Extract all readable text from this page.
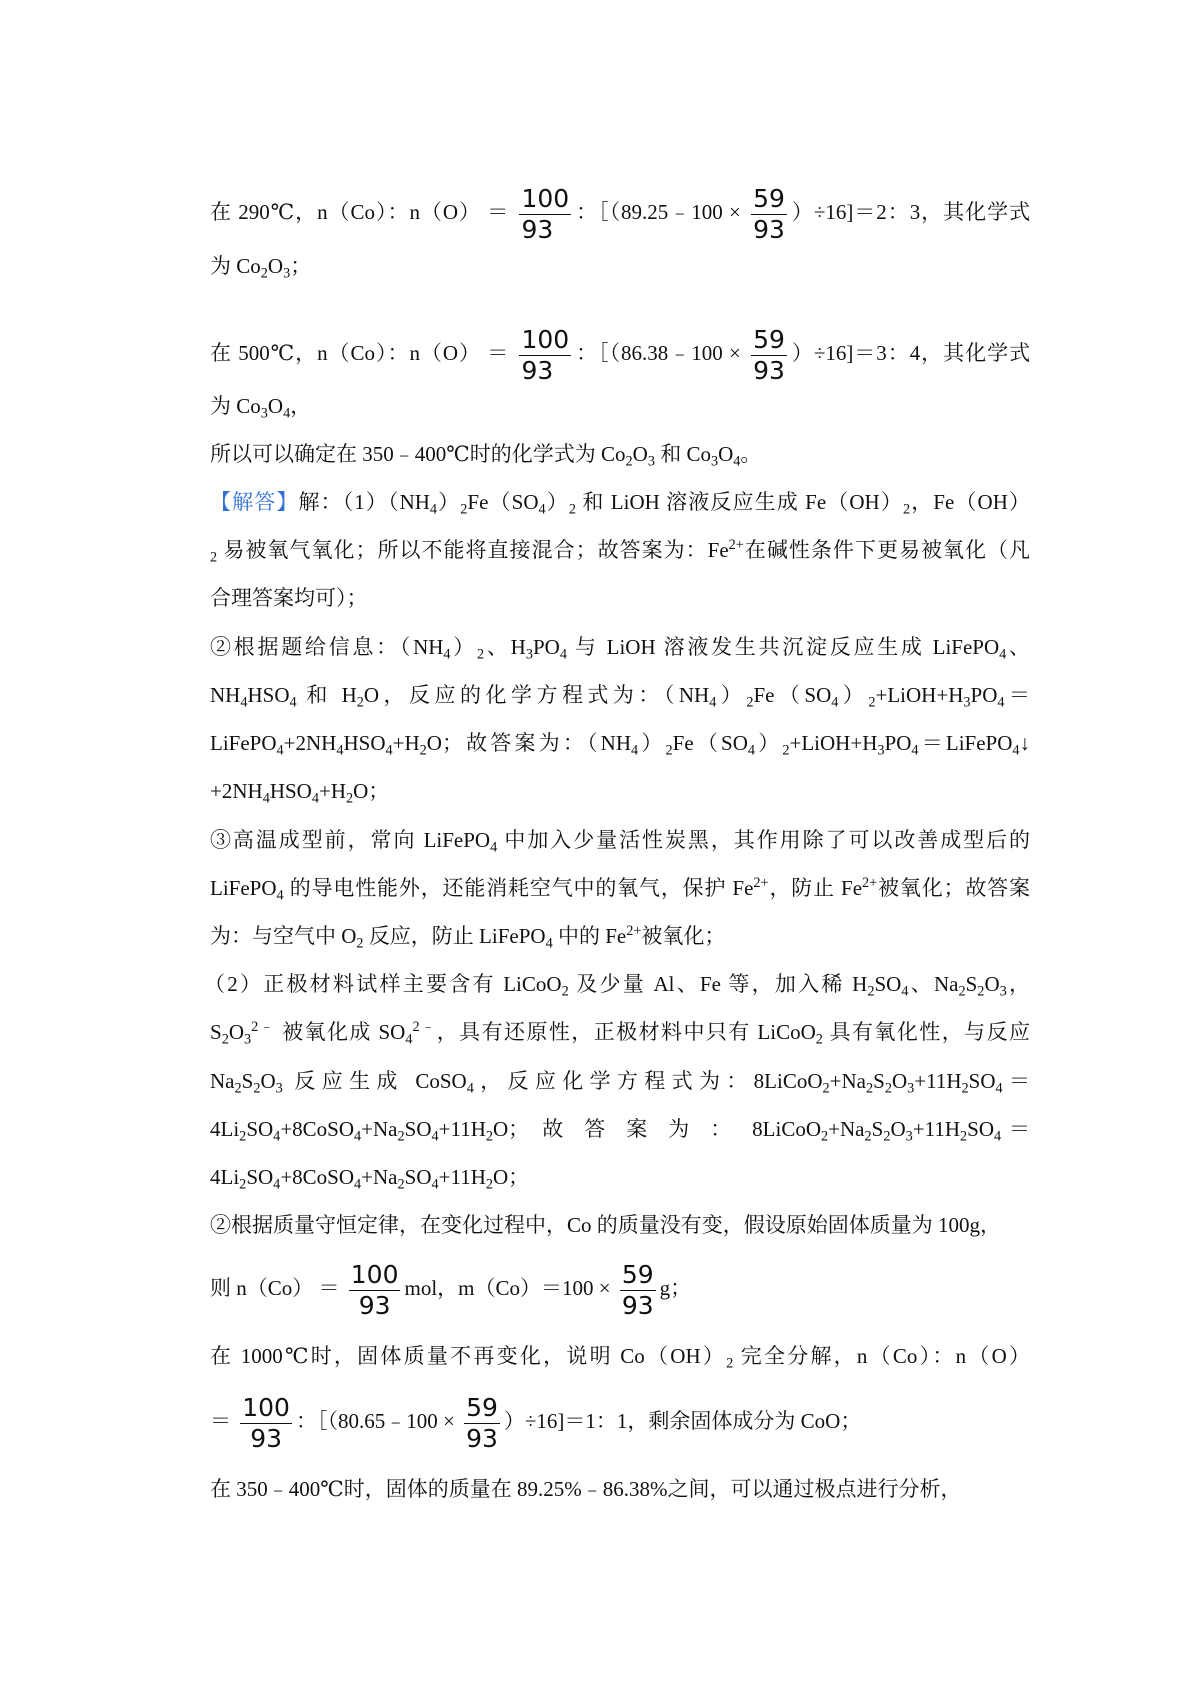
在 290℃，n（Co）：$n(O) = \frac{100}{93}$ ：［（89.25﹣100 × $\frac{59}{93} )\div 16]=2$：3，其化学式
为 $Co_2O_3$；
在 500℃，n（Co）：$n(O) = \frac{100}{93}$ ：［（86.38﹣100 × $\frac{59}{93} )\div 16]=3$：4，其化学式
为 $Co_3O_4$，
所以可以确定在 350﹣400℃时的化学式为 $Co_2O_3$ 和 $Co_3O_4$。
【解答】解：$(1)(NH_4)_2Fe(SO_4)_2$ 和 LiOH 溶液反应生成 $Fe(OH)_2$，Fe（OH）
$_2$ 易被氧气氧化；所以不能将直接混合；故答案为：$Fe^{2+}$在碱性条件下更易被氧化（凡
合理答案均可）；
②根据题给信息：$(NH_4)_2$、$H_3PO_4$ 与 LiOH 溶液发生共沉淀反应生成 LiFePO$_4$、
$NH_4HSO_4$ 和 $H_2O$，反应的化学方程式为：$(NH_4)_2Fe(SO_4)_2+LiOH+H_3PO_4=$
$LiFePO_4+2NH_4HSO_4+H_2O$；故答案为：$(NH_4)_2Fe(SO_4)_2+LiOH+H_3PO_4=LiFePO_4↓$
$+2NH_4HSO_4+H_2O$；
③高温成型前，常向 LiFePO$_4$ 中加入少量活性炭黑，其作用除了可以改善成型后的
LiFePO$_4$ 的导电性能外，还能消耗空气中的氧气，保护 $Fe^{2+}$，防止 $Fe^{2+}$被氧化；故答案
为：与空气中 $O_2$ 反应，防止 LiFePO$_4$ 中的 $Fe^{2+}$被氧化；
（2）正极材料试样主要含有 LiCoO$_2$ 及少量 Al、Fe 等，加入稀 $H_2SO_4$、$Na_2S_2O_3$，
$S_2O_3^{2﹣}$ 被氧化成 $SO_4^{2﹣}$，具有还原性，正极材料中只有 LiCoO$_2$ 具有氧化性，与反应
$Na_2S_2O_3$ 反应生成 CoSO$_4$，反应化学方程式为：$8LiCoO_2+Na_2S_2O_3+11H_2SO_4=$
$4Li_2SO_4+8CoSO_4+Na_2SO_4+11H_2O$； 故 答 案 为 ： $8LiCoO_2+Na_2S_2O_3+11H_2SO_4=$
$4Li_2SO_4+8CoSO_4+Na_2SO_4+11H_2O$；
②根据质量守恒定律，在变化过程中，Co 的质量没有变，假设原始固体质量为 100g，
则 $n(Co) = \frac{100}{93}$ mol，$m(Co)=100 \times \frac{59}{93}$ g；
在 1000℃时，固体质量不再变化，说明 $Co(OH)_2$ 完全分解，n（Co）：n（O）
＝ $\frac{100}{93}$ ：［（80.65﹣100 × $\frac{59}{93} )\div 16]=1$：1，剩余固体成分为 CoO；
在 350﹣400℃时，固体的质量在 89.25%﹣86.38%之间，可以通过极点进行分析，
